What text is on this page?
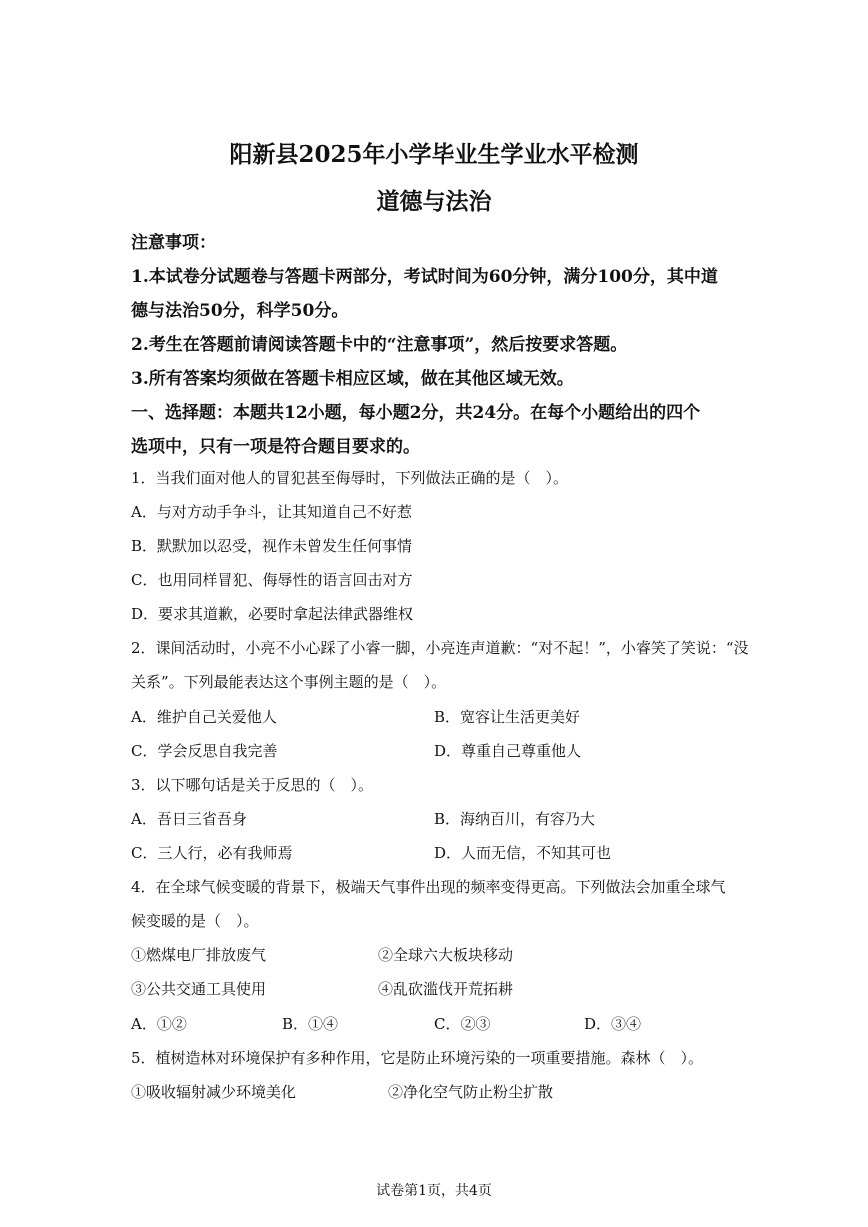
阳新县2025年小学毕业生学业水平检测
道德与法治
注意事项：
1.本试卷分试题卷与答题卡两部分，考试时间为60分钟，满分100分，其中道
德与法治50分，科学50分。
2.考生在答题前请阅读答题卡中的“注意事项”，然后按要求答题。
3.所有答案均须做在答题卡相应区域，做在其他区域无效。
一、选择题：本题共12小题，每小题2分，共24分。在每个小题给出的四个
选项中，只有一项是符合题目要求的。
1．当我们面对他人的冒犯甚至侮辱时，下列做法正确的是（　）。
A．与对方动手争斗，让其知道自己不好惹
B．默默加以忍受，视作未曾发生任何事情
C．也用同样冒犯、侮辱性的语言回击对方
D．要求其道歉，必要时拿起法律武器维权
2．课间活动时，小亮不小心踩了小睿一脚，小亮连声道歉：“对不起！”，小睿笑了笑说：“没
关系”。下列最能表达这个事例主题的是（　）。
A．维护自己关爱他人	B．宽容让生活更美好
C．学会反思自我完善	D．尊重自己尊重他人
3．以下哪句话是关于反思的（　）。
A．吾日三省吾身	B．海纳百川，有容乃大
C．三人行，必有我师焉	D．人而无信，不知其可也
4．在全球气候变暖的背景下，极端天气事件出现的频率变得更高。下列做法会加重全球气
候变暖的是（　）。
①燃煤电厂排放废气	②全球六大板块移动
③公共交通工具使用	④乱砍滥伐开荒拓耕
A．①②	B．①④	C．②③	D．③④
5．植树造林对环境保护有多种作用，它是防止环境污染的一项重要措施。森林（　）。
①吸收辐射减少环境美化	②净化空气防止粉尘扩散
试卷第1页，共4页
